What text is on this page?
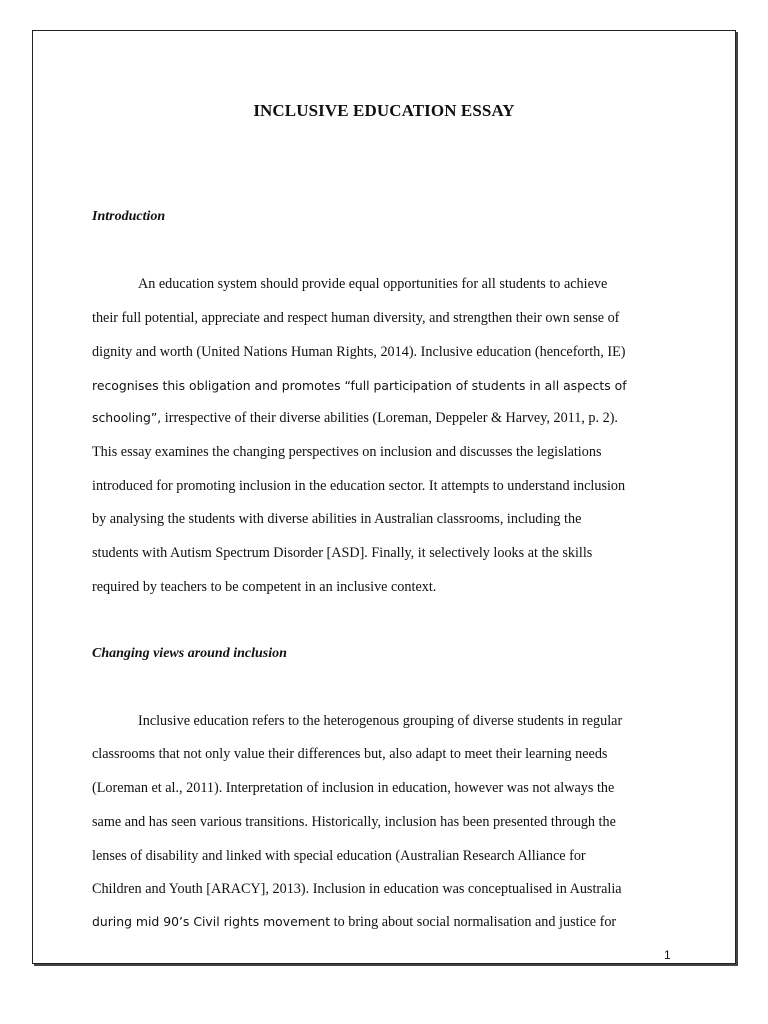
INCLUSIVE EDUCATION ESSAY
Introduction
An education system should provide equal opportunities for all students to achieve
their full potential, appreciate and respect human diversity, and strengthen their own sense of
dignity and worth (United Nations Human Rights, 2014). Inclusive education (henceforth, IE)
recognises this obligation and promotes “full participation of students in all aspects of
schooling”, irrespective of their diverse abilities (Loreman, Deppeler & Harvey, 2011, p. 2).
This essay examines the changing perspectives on inclusion and discusses the legislations
introduced for promoting inclusion in the education sector. It attempts to understand inclusion
by analysing the students with diverse abilities in Australian classrooms, including the
students with Autism Spectrum Disorder [ASD]. Finally, it selectively looks at the skills
required by teachers to be competent in an inclusive context.
Changing views around inclusion
Inclusive education refers to the heterogenous grouping of diverse students in regular
classrooms that not only value their differences but, also adapt to meet their learning needs
(Loreman et al., 2011). Interpretation of inclusion in education, however was not always the
same and has seen various transitions. Historically, inclusion has been presented through the
lenses of disability and linked with special education (Australian Research Alliance for
Children and Youth [ARACY], 2013). Inclusion in education was conceptualised in Australia
during mid 90’s Civil rights movement to bring about social normalisation and justice for
1
